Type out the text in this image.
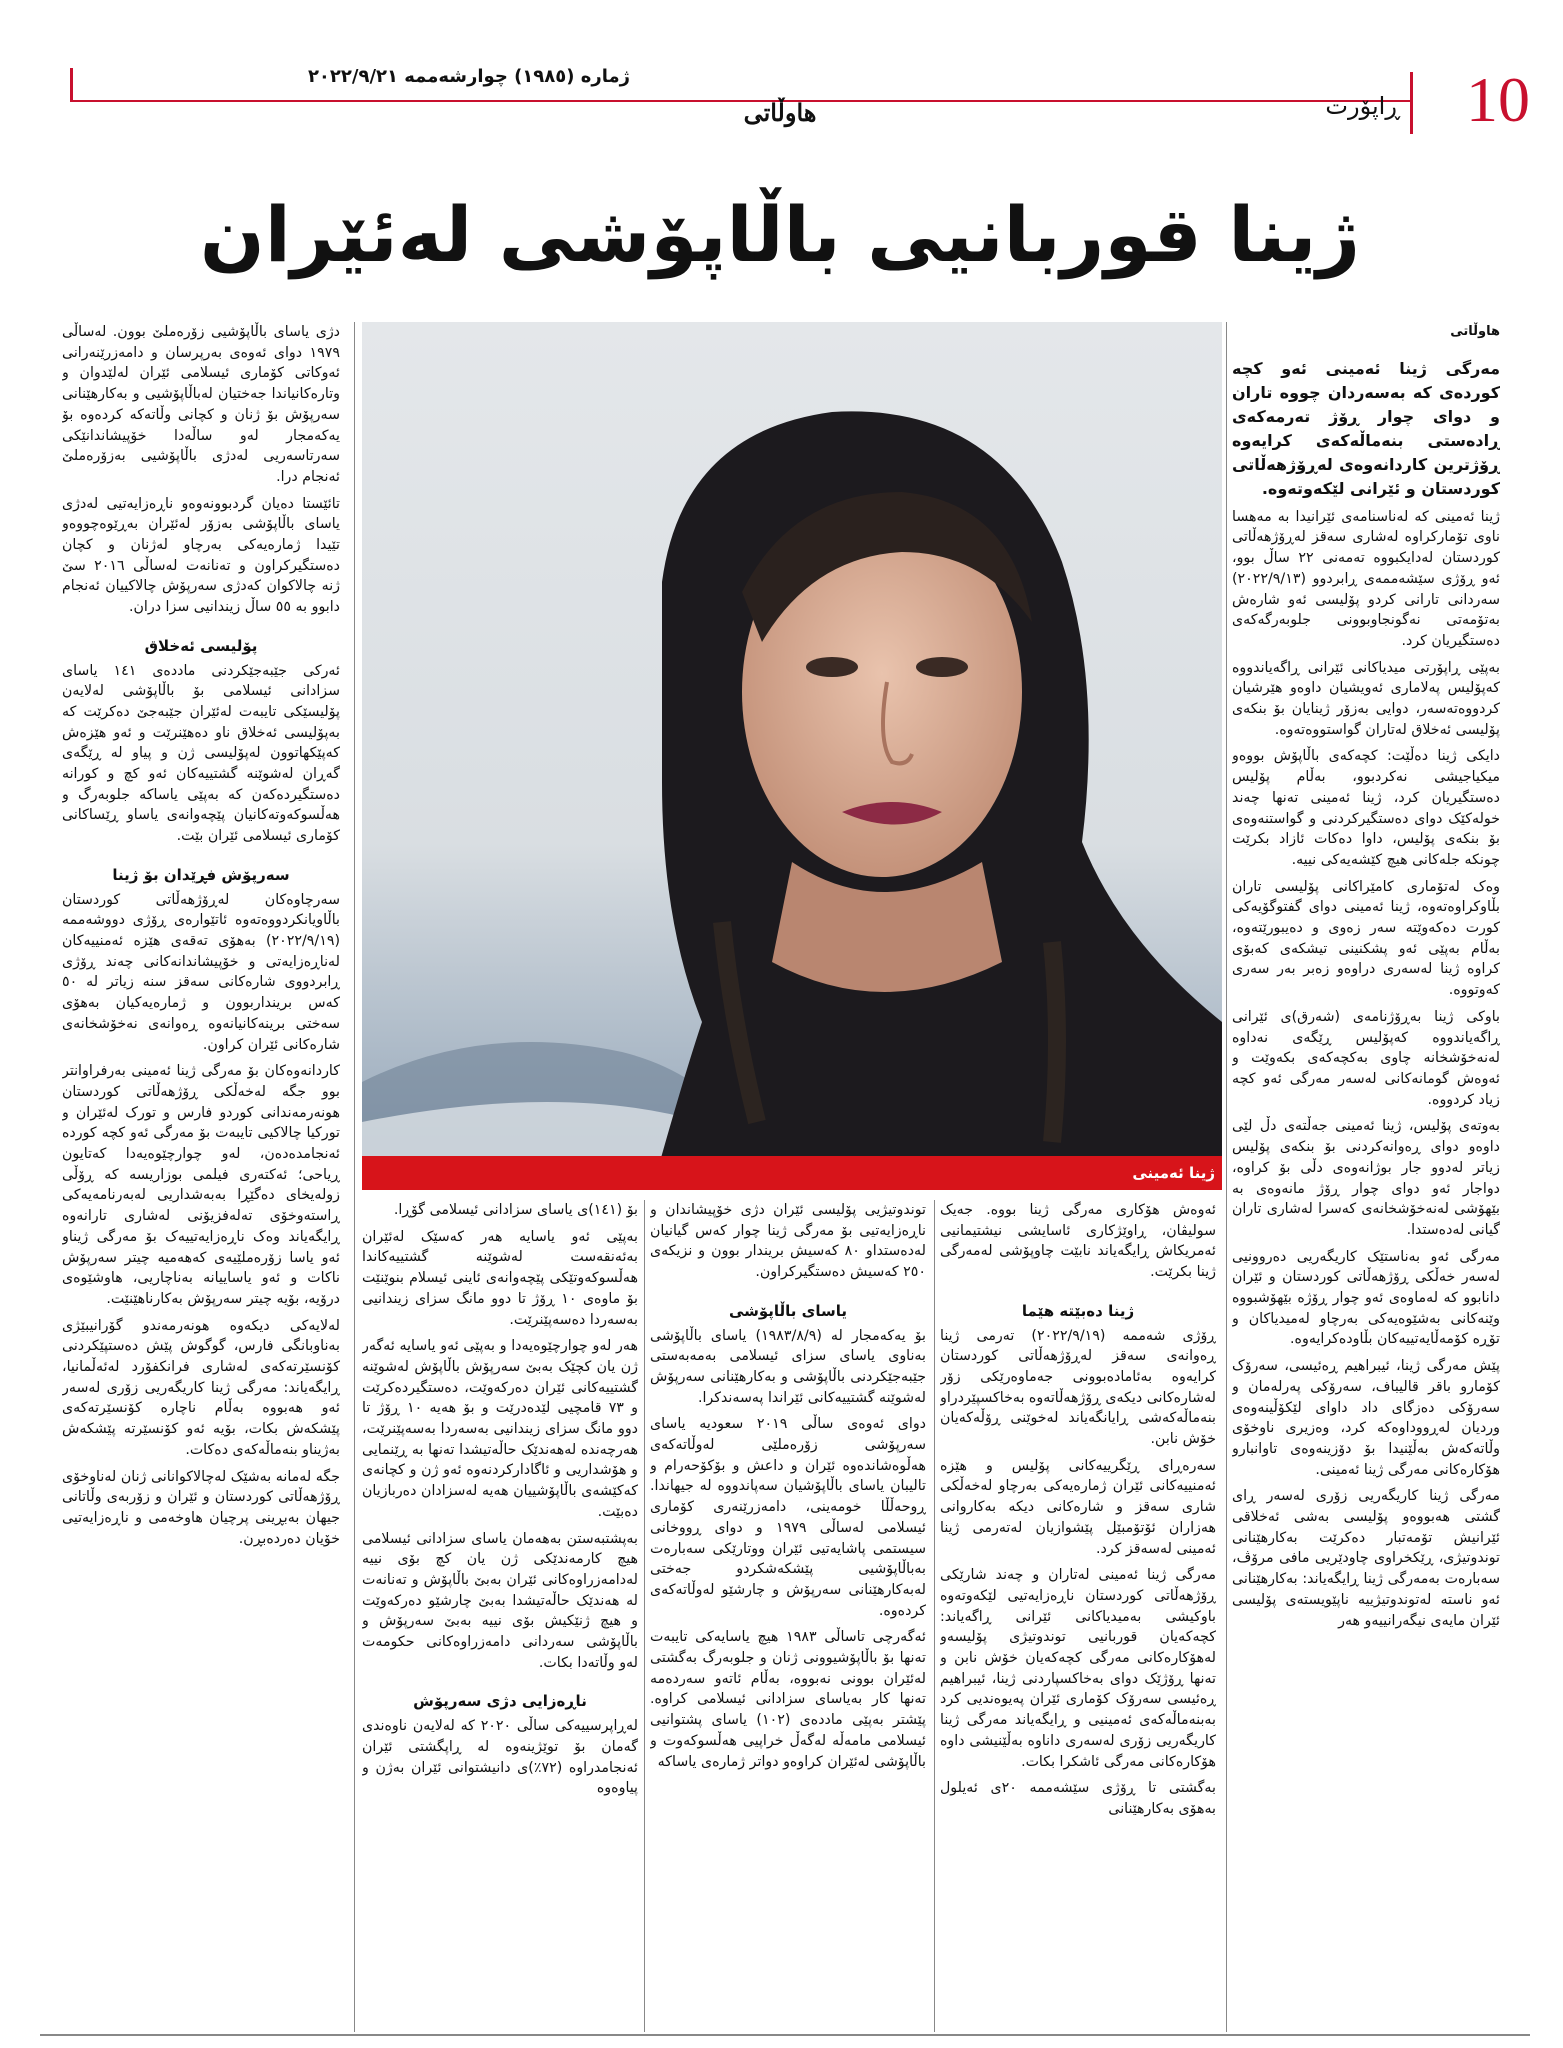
10
ڕاپۆرت
هاوڵاتی
ژمارە (١٩٨٥) چوارشەممە ٢٠٢٢/٩/٢١
ژینا قوربانیی باڵاپۆشی لەئێران
ژینا ئەمینی

هاوڵاتی

مەرگی ژینا ئەمینی ئەو کچە کوردەی کە بەسەردان چووە تاران و دوای چوار ڕۆژ تەرمەکەی ڕادەستی بنەماڵەکەی کرایەوە ڕۆژترین کاردانەوەی لەڕۆژهەڵاتی کوردستان و ئێرانی لێکەوتەوە.

ژینا ئەمینی کە لەناسنامەی ئێرانیدا بە مەهسا ناوی تۆمارکراوە لەشاری سەقز لەڕۆژهەڵاتی کوردستان لەدایکبووە تەمەنی ٢٢ ساڵ بوو، ئەو ڕۆژی سێشەممەی ڕابردوو (٢٠٢٢/٩/١٣) سەردانی تارانی کردو پۆلیسی ئەو شارەش بەتۆمەتی نەگونجاوبوونی جلوبەرگەکەی دەستگیریان کرد.

بەپێی ڕاپۆرتی میدیاکانی ئێرانی ڕاگەیاندووە کەپۆلیس پەلاماری ئەویشیان داوەو هێرشیان کردووەتەسەر، دوایی بەزۆر ژینایان بۆ بنکەی پۆلیسی ئەخلاق لەتاران گواستووەتەوە.

دایکی ژینا دەڵێت: کچەکەی باڵاپۆش بووەو میکیاجیشی نەکردبوو، بەڵام پۆلیس دەستگیریان کرد، ژینا ئەمینی تەنها چەند خولەکێک دوای دەستگیرکردنی و گواستنەوەی بۆ بنکەی پۆلیس، داوا دەکات ئازاد بکرێت چونکە جلەکانی هیچ کێشەیەکی نییە.

وەک لەتۆماری کامێراکانی پۆلیسی تاران بڵاوکراوەتەوە، ژینا ئەمینی دوای گفتوگۆیەکی کورت دەکەوێتە سەر زەوی و دەیبورێتەوە، بەڵام بەپێی ئەو پشکنینی تیشکەی کەبۆی کراوە ژینا لەسەری دراوەو زەبر بەر سەری کەوتووە.

باوکی ژینا بەڕۆژنامەی (شەرق)ی ئێرانی ڕاگەیاندووە کەپۆلیس ڕێگەی نەداوە لەنەخۆشخانە چاوی بەکچەکەی بکەوێت و ئەوەش گومانەکانی لەسەر مەرگی ئەو کچە زیاد کردووە.

بەوتەی پۆلیس، ژینا ئەمینی جەڵتەی دڵ لێی داوەو دوای ڕەوانەکردنی بۆ بنکەی پۆلیس زیاتر لەدوو جار بوژانەوەی دڵی بۆ کراوە، دواجار ئەو دوای چوار ڕۆژ مانەوەی بە بێهۆشی لەنەخۆشخانەی کەسرا لەشاری تاران گیانی لەدەستدا.

مەرگی ئەو بەناستێک کاریگەریی دەروونیی لەسەر خەڵکی ڕۆژهەڵاتی کوردستان و ئێران دانابوو کە لەماوەی ئەو چوار ڕۆژە بێهۆشبووە وێنەکانی بەشێوەیەکی بەرچاو لەمیدیاکان و تۆڕە کۆمەڵایەتییەکان بڵاودەکرایەوە.

پێش مەرگی ژینا، ئیبراهیم ڕەئیسی، سەرۆک کۆمارو باقر قالیباف، سەرۆکی پەرلەمان و سەرۆکی دەزگای داد داوای لێکۆڵینەوەی وردیان لەڕووداوەکە کرد، وەزیری ناوخۆی وڵاتەکەش بەڵێنیدا بۆ دۆزینەوەی تاوانبارو هۆکارەکانی مەرگی ژینا ئەمینی.

مەرگی ژینا کاریگەریی زۆری لەسەر ڕای گشتی هەبووەو پۆلیسی بەشی ئەخلاقی ئێرانیش تۆمەتبار دەکرێت بەکارهێنانی توندوتیژی، ڕێکخراوی چاودێریی مافی مرۆڤ، سەبارەت بەمەرگی ژینا ڕایگەیاند: بەکارهێنانی ئەو ناستە لەتوندوتیژییە ناپێویستەی پۆلیسی ئێران مایەی نیگەرانییەو هەر

ئەوەش هۆکاری مەرگی ژینا بووە. جەیک سولیڤان، ڕاوێژکاری ئاسایشی نیشتیمانیی ئەمریکاش ڕایگەیاند نابێت چاوپۆشی لەمەرگی ژینا بکرێت.

ژینا دەبێتە هێما

ڕۆژی شەممە (٢٠٢٢/٩/١٩) تەرمی ژینا ڕەوانەی سەقز لەڕۆژهەڵاتی کوردستان کرایەوە بەئامادەبوونی جەماوەرێکی زۆر لەشارەکانی دیکەی ڕۆژهەڵاتەوە بەخاکسپێردراو بنەماڵەکەشی ڕایانگەیاند لەخوێنی ڕۆڵەکەیان خۆش نابن.

سەرەڕای ڕێگرییەکانی پۆلیس و هێزە ئەمنییەکانی ئێران ژمارەیەکی بەرچاو لەخەڵکی شاری سەقز و شارەکانی دیکە بەکاروانی هەزاران ئۆتۆمبێل پێشوازیان لەتەرمی ژینا ئەمینی لەسەقز کرد.

مەرگی ژینا ئەمینی لەتاران و چەند شارێکی ڕۆژهەڵاتی کوردستان ناڕەزایەتیی لێکەوتەوە باوکیشی بەمیدیاکانی ئێرانی ڕاگەیاند: کچەکەیان قوربانیی توندوتیژی پۆلیسەو لەهۆکارەکانی مەرگی کچەکەیان خۆش نابن و تەنها ڕۆژێک دوای بەخاکسپاردنی ژینا، ئیبراهیم ڕەئیسی سەرۆک کۆماری ئێران پەیوەندیی کرد بەبنەماڵەکەی ئەمینیی و ڕایگەیاند مەرگی ژینا کاریگەریی زۆری لەسەری داناوە بەڵێنیشی داوە هۆکارەکانی مەرگی ئاشکرا بکات.

بەگشتی تا ڕۆژی سێشەممە ٢٠ی ئەیلول بەهۆی بەکارهێنانی

توندوتیژیی پۆلیسی ئێران دژی خۆپیشاندان و ناڕەزایەتیی بۆ مەرگی ژینا چوار کەس گیانیان لەدەستداو ٨٠ کەسیش بریندار بوون و نزیکەی ٢٥٠ کەسیش دەستگیرکراون.

یاسای باڵاپۆشی

بۆ یەکەمجار لە (١٩٨٣/٨/٩) یاسای باڵاپۆشی بەناوی یاسای سزای ئیسلامی بەمەبەستی جێبەجێکردنی باڵاپۆشی و بەکارهێنانی سەرپۆش لەشوێنە گشتییەکانی ئێراندا پەسەندکرا.

دوای ئەوەی ساڵی ٢٠١٩ سعودیە یاسای سەرپۆشی زۆرەملێی لەوڵاتەکەی هەڵوەشاندەوە ئێران و داعش و بۆکۆحەرام و تالیبان یاسای باڵاپۆشیان سەپاندووە لە جیهاندا. ڕوحەڵڵا خومەینی، دامەزرێنەری کۆماری ئیسلامی لەساڵی ١٩٧٩ و دوای ڕووخانی سیستمی پاشایەتیی ئێران ووتارێکی سەبارەت بەباڵاپۆشیی پێشکەشکردو جەختی لەبەکارهێنانی سەرپۆش و چارشێو لەوڵاتەکەی کردەوە.

ئەگەرچی تاساڵی ١٩٨٣ هیچ یاسایەکی تایبەت تەنها بۆ باڵاپۆشیوونی ژنان و جلوبەرگ بەگشتی لەئێران بوونی نەبووە، بەڵام ئاتەو سەردەمە تەنها کار بەیاسای سزادانی ئیسلامی کراوە. پێشتر بەپێی ماددەی (١٠٢) یاسای پشتوانیی ئیسلامی مامەڵە لەگەڵ خراپیی هەڵسوکەوت و باڵاپۆشی لەئێران کراوەو دواتر ژمارەی یاساکە

بۆ (١٤١)ی یاسای سزادانی ئیسلامی گۆڕا.

بەپێی ئەو یاسایە هەر کەسێک لەئێران بەئەنقەست لەشوێنە گشتییەکاندا هەڵسوکەوتێکی پێچەوانەی ئاینی ئیسلام بنوێنێت بۆ ماوەی ١٠ ڕۆژ تا دوو مانگ سزای زیندانیی بەسەردا دەسەپێنرێت.

هەر لەو چوارچێوەیەدا و بەپێی ئەو یاسایە ئەگەر ژن یان کچێک بەبێ سەرپۆش باڵاپۆش لەشوێنە گشتییەکانی ئێران دەرکەوێت، دەستگیردەکرێت و ٧٣ قامچیی لێدەدرێت و بۆ هەیە ١٠ ڕۆژ تا دوو مانگ سزای زیندانیی بەسەردا بەسەپێنرێت، هەرچەندە لەهەندێک حاڵەتیشدا تەنها بە ڕێنمایی و هۆشداریی و ئاگادارکردنەوە ئەو ژن و کچانەی کەکێشەی باڵاپۆشییان هەیە لەسزادان دەربازیان دەبێت.

بەپشتبەستن بەهەمان یاسای سزادانی ئیسلامی هیچ کارمەندێکی ژن یان کچ بۆی نییە لەدامەزراوەکانی ئێران بەبێ باڵاپۆش و تەنانەت لە هەندێک حاڵەتیشدا بەبێ چارشێو دەرکەوێت و هیچ ژنێکیش بۆی نییە بەبێ سەرپۆش و باڵاپۆشی سەردانی دامەزراوەکانی حکومەت لەو وڵاتەدا بکات.

ناڕەزایی دژی سەرپۆش

لەڕاپرسییەکی ساڵی ٢٠٢٠ کە لەلایەن ناوەندی گەمان بۆ توێژینەوە لە ڕاپگشتی ئێران ئەنجامدراوە (٧٢٪)ی دانیشتوانی ئێران بەژن و پیاوەوە

دژی یاسای باڵاپۆشیی زۆرەملێ بوون. لەساڵی ١٩٧٩ دوای ئەوەی بەرپرسان و دامەزرێنەرانی ئەوکاتی کۆماری ئیسلامی ئێران لەلێدوان و وتارەکانیاندا جەختیان لەباڵاپۆشیی و بەکارهێنانی سەرپۆش بۆ ژنان و کچانی وڵاتەکە کردەوە بۆ یەکەمجار لەو ساڵەدا خۆپیشاندانێکی سەرتاسەریی لەدژی باڵاپۆشیی بەزۆرەملێ ئەنجام درا.

تائێستا دەیان گردبوونەوەو ناڕەزایەتیی لەدژی یاسای باڵاپۆشی بەزۆر لەئێران بەڕێوەچووەو تێیدا ژمارەیەکی بەرچاو لەژنان و کچان دەستگیرکراون و تەنانەت لەساڵی ٢٠١٦ سێ ژنە چالاکوان کەدژی سەرپۆش چالاکییان ئەنجام دابوو بە ٥٥ ساڵ زیندانیی سزا دران.

پۆلیسی ئەخلاق

ئەرکی جێبەجێکردنی ماددەی ١٤١ یاسای سزادانی ئیسلامی بۆ باڵاپۆشی لەلایەن پۆلیسێکی تایبەت لەئێران جێبەجێ دەکرێت کە بەپۆلیسی ئەخلاق ناو دەهێنرێت و ئەو هێزەش کەپێکهاتوون لەپۆلیسی ژن و پیاو لە ڕێگەی گەڕان لەشوێنە گشتییەکان ئەو کچ و کورانە دەستگیردەکەن کە بەپێی یاساکە جلوبەرگ و هەڵسوکەوتەکانیان پێچەوانەی یاساو ڕێساکانی کۆماری ئیسلامی ئێران بێت.

سەرپۆش فڕێدان بۆ ژینا

سەرچاوەکان لەڕۆژهەڵاتی کوردستان باڵاویانکردووەتەوە ئاتێوارەی ڕۆژی دووشەممە (٢٠٢٢/٩/١٩) بەهۆی تەقەی هێزە ئەمنییەکان لەناڕەزایەتی و خۆپیشاندانەکانی چەند ڕۆژی ڕابردووی شارەکانی سەقز سنە زیاتر لە ٥٠ کەس برینداربوون و ژمارەیەکیان بەهۆی سەختی برینەکانیانەوە ڕەوانەی نەخۆشخانەی شارەکانی ئێران کراون.

کاردانەوەکان بۆ مەرگی ژینا ئەمینی بەرفراوانتر بوو جگە لەخەڵکی ڕۆژهەڵاتی کوردستان هونەرمەندانی کوردو فارس و تورک لەئێران و تورکیا چالاکیی تایبەت بۆ مەرگی ئەو کچە کوردە ئەنجامدەدەن، لەو چوارچێوەیەدا کەتایون ڕیاحی؛ ئەکتەری فیلمی بوزاریسە کە ڕۆڵی زولەیخای دەگێڕا بەبەشداریی لەبەرنامەیەکی ڕاستەوخۆی تەلەفزیۆنی لەشاری تارانەوە ڕایگەیاند وەک ناڕەزایەتییەک بۆ مەرگی ژیناو ئەو یاسا زۆرەملێیەی کەهەمیە چیتر سەرپۆش ناکات و ئەو یاساییانە بەناچاریی، هاوشێوەی درۆیە، بۆیە چیتر سەرپۆش بەکارناهێنێت.

لەلایەکی دیکەوە هونەرمەندو گۆرانیبێژی بەناوبانگی فارس، گوگوش پێش دەستپێکردنی کۆنسێرتەکەی لەشاری فرانکفۆرد لەئەڵمانیا، ڕایگەیاند: مەرگی ژینا کاریگەریی زۆری لەسەر ئەو هەبووە بەڵام ناچارە کۆنسێرتەکەی پێشکەش بکات، بۆیە ئەو کۆنسێرتە پێشکەش بەژیناو بنەماڵەکەی دەکات.

جگە لەمانە بەشێک لەچالاکوانانی ژنان لەناوخۆی ڕۆژهەڵاتی کوردستان و ئێران و زۆربەی وڵاتانی جیهان بەبڕینی پرچیان هاوخەمی و ناڕەزایەتیی خۆیان دەردەبڕن.
